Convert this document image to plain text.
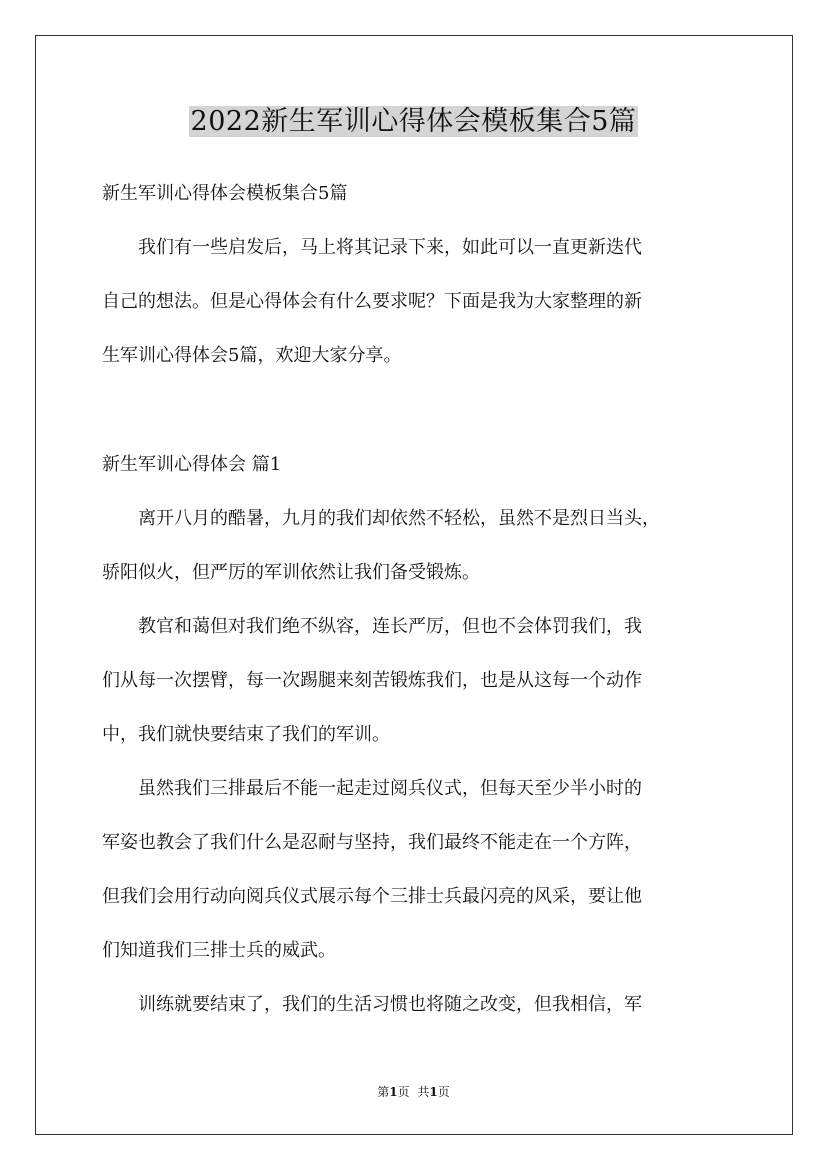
2022新生军训心得体会模板集合5篇
新生军训心得体会模板集合5篇
　　我们有一些启发后，马上将其记录下来，如此可以一直更新迭代
自己的想法。但是心得体会有什么要求呢？下面是我为大家整理的新
生军训心得体会5篇，欢迎大家分享。
新生军训心得体会 篇1
　　离开八月的酷暑，九月的我们却依然不轻松，虽然不是烈日当头，
骄阳似火，但严厉的军训依然让我们备受锻炼。
　　教官和蔼但对我们绝不纵容，连长严厉，但也不会体罚我们，我
们从每一次摆臂，每一次踢腿来刻苦锻炼我们，也是从这每一个动作
中，我们就快要结束了我们的军训。
　　虽然我们三排最后不能一起走过阅兵仪式，但每天至少半小时的
军姿也教会了我们什么是忍耐与坚持，我们最终不能走在一个方阵，
但我们会用行动向阅兵仪式展示每个三排士兵最闪亮的风采，要让他
们知道我们三排士兵的威武。
　　训练就要结束了，我们的生活习惯也将随之改变，但我相信，军
第1页 共1页
